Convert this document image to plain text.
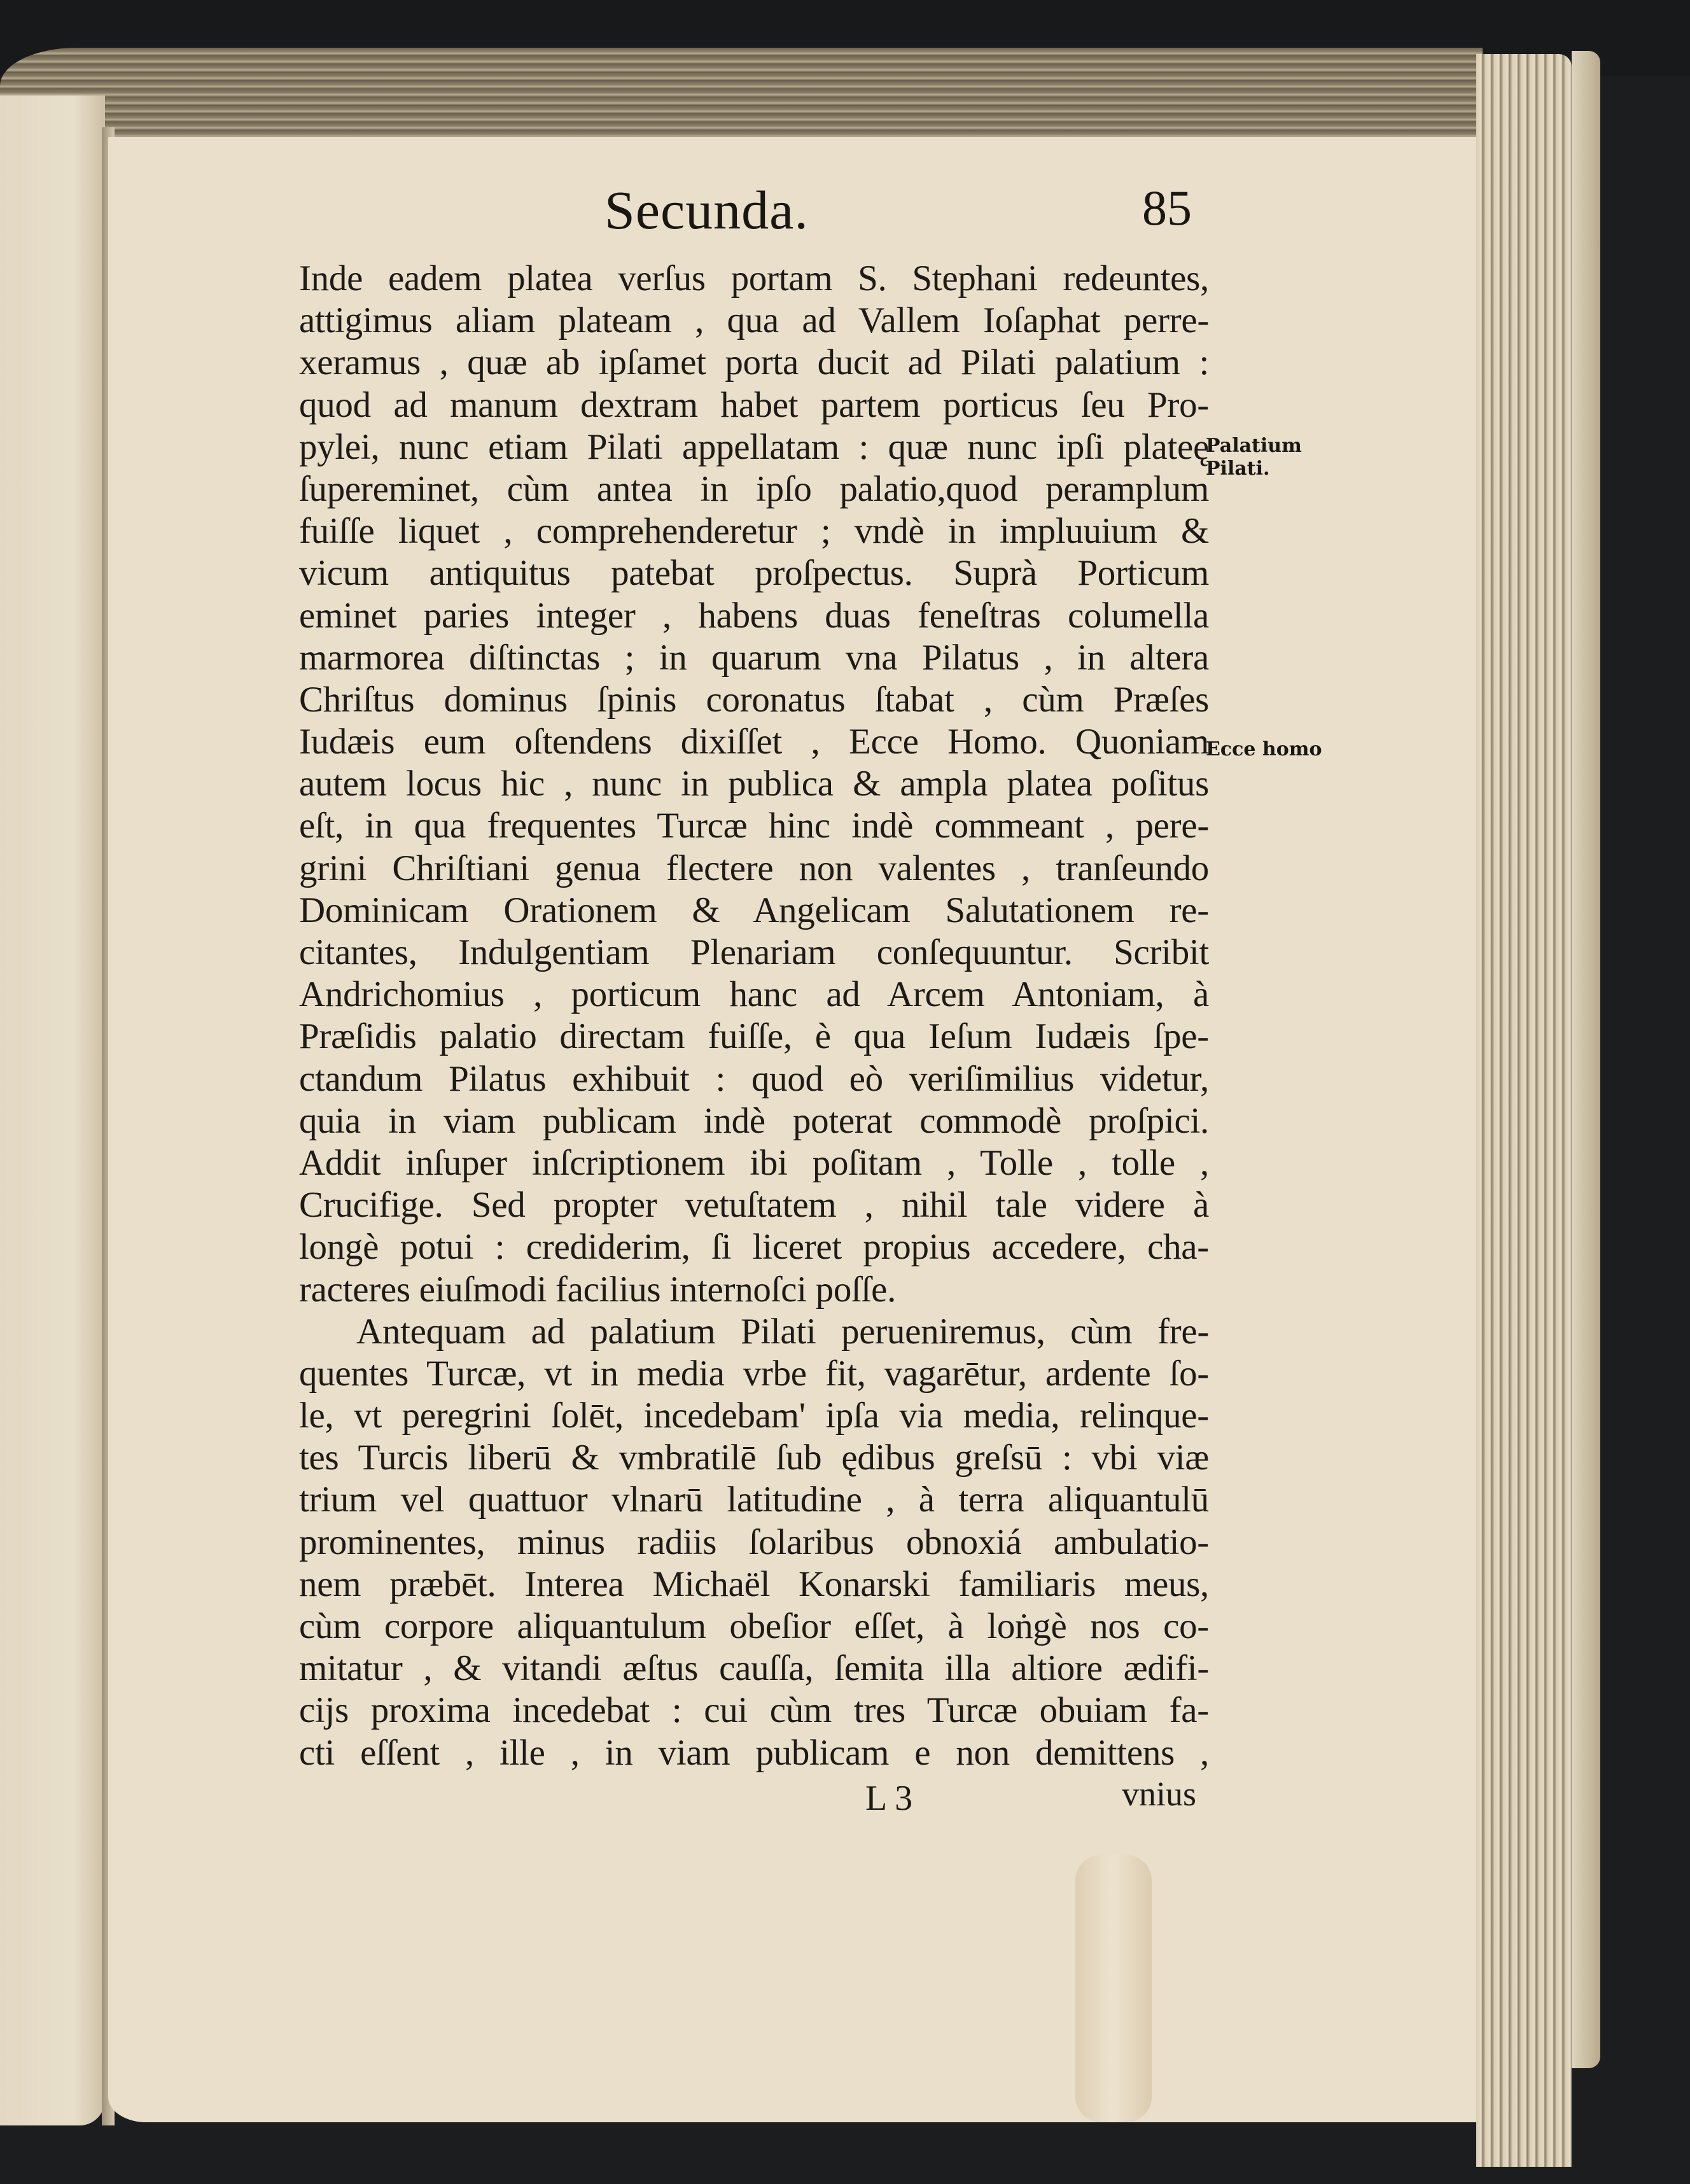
Secunda.	85
Inde eadem platea verſus portam S. Stephani redeuntes,
attigimus aliam plateam , qua ad Vallem Ioſaphat perre-
xeramus , quæ ab ipſamet porta ducit ad Pilati palatium :
quod ad manum dextram habet partem porticus ſeu Pro-
pylei, nunc etiam Pilati appellatam : quæ nunc ipſi plateę
ſupereminet, cùm antea in ipſo palatio,quod peramplum
fuiſſe liquet , comprehenderetur ; vndè in impluuium &
vicum antiquitus patebat proſpectus. Suprà Porticum
eminet paries integer , habens duas feneſtras columella
marmorea diſtinctas ; in quarum vna Pilatus , in altera
Chriſtus dominus ſpinis coronatus ſtabat , cùm Præſes
Iudæis eum oſtendens dixiſſet , Ecce Homo. Quoniam
autem locus hic , nunc in publica & ampla platea poſitus
eſt, in qua frequentes Turcæ hinc indè commeant , pere-
grini Chriſtiani genua flectere non valentes , tranſeundo
Dominicam Orationem & Angelicam Salutationem re-
citantes, Indulgentiam Plenariam conſequuntur. Scribit
Andrichomius , porticum hanc ad Arcem Antoniam, à
Præſidis palatio directam fuiſſe, è qua Ieſum Iudæis ſpe-
ctandum Pilatus exhibuit : quod eò veriſimilius videtur,
quia in viam publicam indè poterat commodè proſpici.
Addit inſuper inſcriptionem ibi poſitam , Tolle , tolle ,
Crucifige. Sed propter vetuſtatem , nihil tale videre à
longè potui : crediderim, ſi liceret propius accedere, cha-
racteres eiuſmodi facilius internoſci poſſe.
Antequam ad palatium Pilati perueniremus, cùm fre-
quentes Turcæ, vt in media vrbe fit, vagarētur, ardente ſo-
le, vt peregrini ſolēt, incedebam' ipſa via media, relinque-
tes Turcis liberū & vmbratilē ſub ędibus greſsū : vbi viæ
trium vel quattuor vlnarū latitudine , à terra aliquantulū
prominentes, minus radiis ſolaribus obnoxiá ambulatio-
nem præbēt. Interea Michaël Konarski familiaris meus,
cùm corpore aliquantulum obeſior eſſet, à loṅgè nos co-
mitatur , & vitandi æſtus cauſſa, ſemita illa altiore ædifi-
cijs proxima incedebat : cui cùm tres Turcæ obuiam fa-
cti eſſent , ille , in viam publicam e non demittens ,
L 3	vnius
Palatium
Pilati.
Ecce homo
